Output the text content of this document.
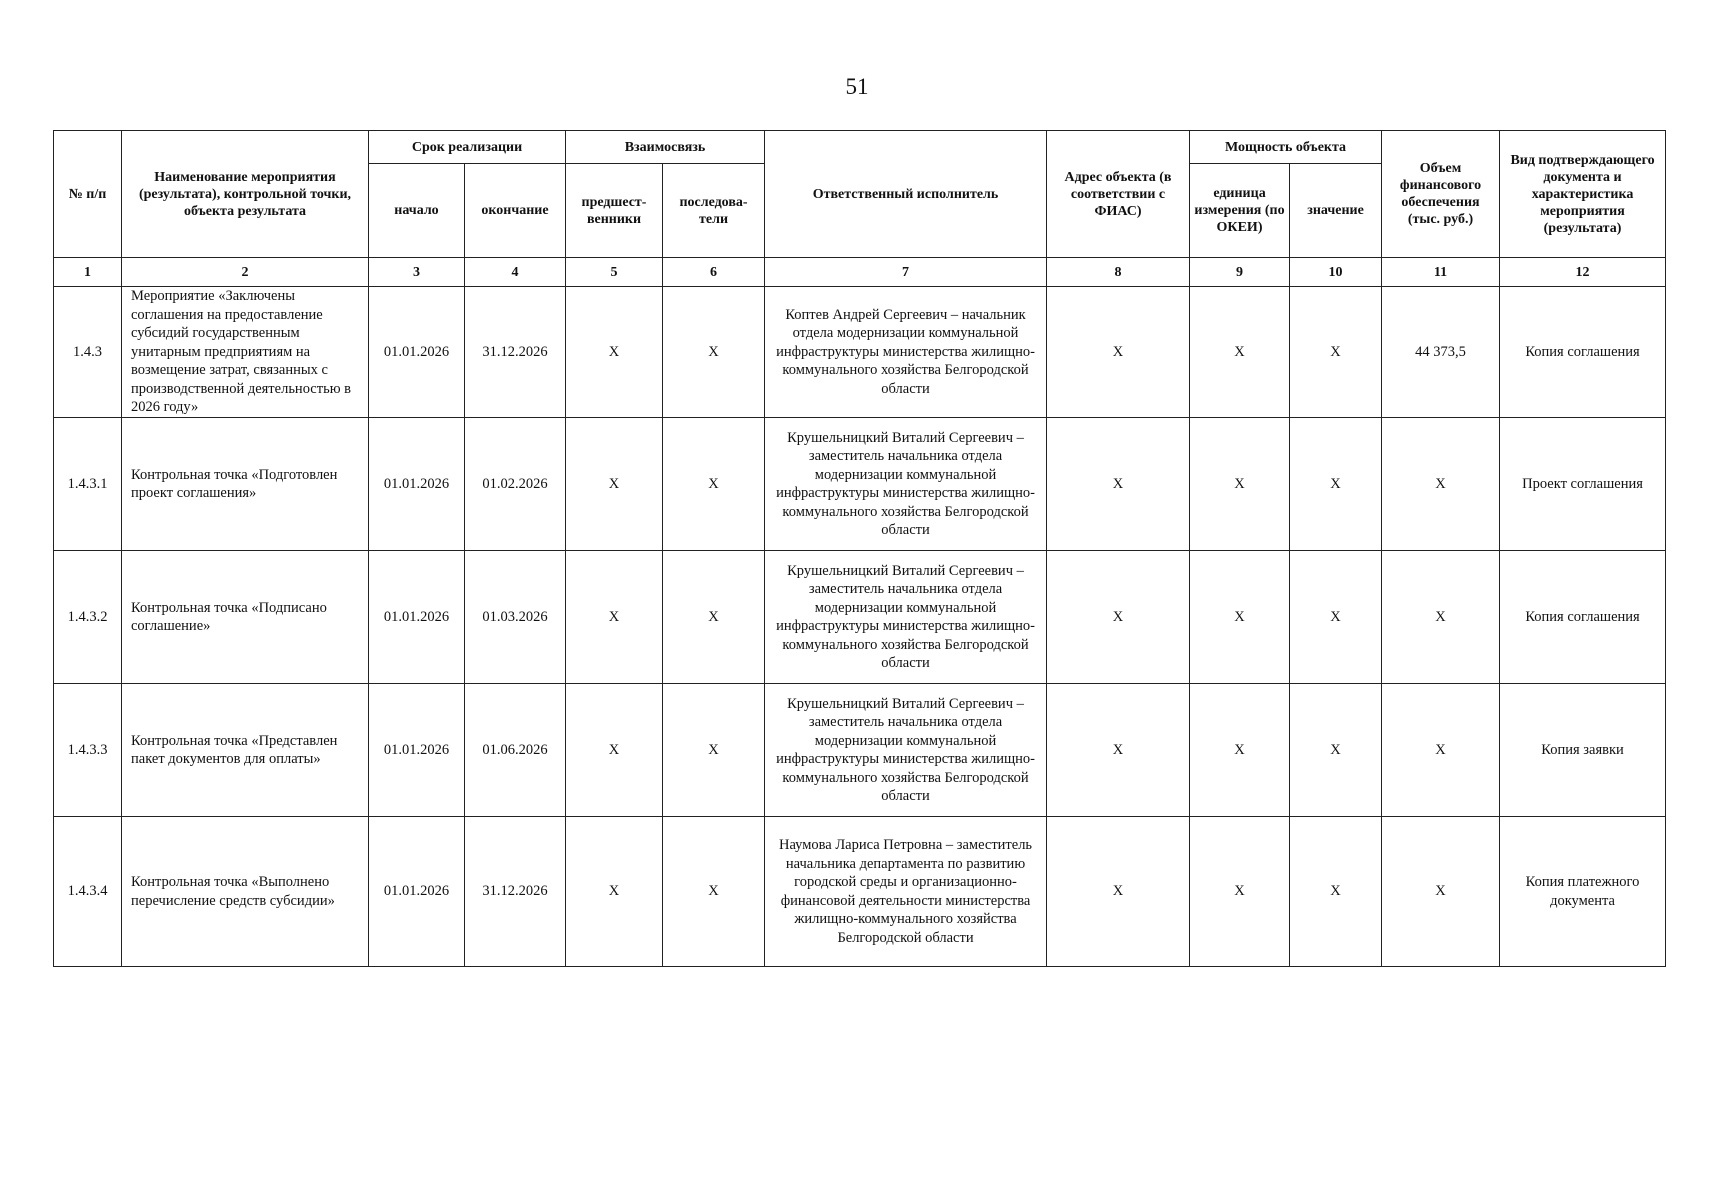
51
№ п/п	Наименование мероприятия (результата), контрольной точки, объекта результата	Срок реализации		Взаимосвязь		Ответственный исполнитель	Адрес объекта (в соответствии с ФИАС)	Мощность объекта		Объем финансового обеспечения (тыс. руб.)	Вид подтверждающего документа и характеристика мероприятия (результата)
		начало	окончание	предшест-венники	последова-тели			единица измерения (по ОКЕИ)	значение		
1	2	3	4	5	6	7	8	9	10	11	12
1.4.3	Мероприятие «Заключены соглашения на предоставление субсидий государственным унитарным предприятиям на возмещение затрат, связанных с производственной деятельностью в 2026 году»	01.01.2026	31.12.2026	Х	Х	Коптев Андрей Сергеевич – начальник отдела модернизации коммунальной инфраструктуры министерства жилищно-коммунального хозяйства Белгородской области	Х	Х	Х	44 373,5	Копия соглашения
1.4.3.1	Контрольная точка «Подготовлен проект соглашения»	01.01.2026	01.02.2026	Х	Х	Крушельницкий Виталий Сергеевич – заместитель начальника отдела модернизации коммунальной инфраструктуры министерства жилищно-коммунального хозяйства Белгородской области	Х	Х	Х	Х	Проект соглашения
1.4.3.2	Контрольная точка «Подписано соглашение»	01.01.2026	01.03.2026	Х	Х	Крушельницкий Виталий Сергеевич – заместитель начальника отдела модернизации коммунальной инфраструктуры министерства жилищно-коммунального хозяйства Белгородской области	Х	Х	Х	Х	Копия соглашения
1.4.3.3	Контрольная точка «Представлен пакет документов для оплаты»	01.01.2026	01.06.2026	Х	Х	Крушельницкий Виталий Сергеевич – заместитель начальника отдела модернизации коммунальной инфраструктуры министерства жилищно-коммунального хозяйства Белгородской области	Х	Х	Х	Х	Копия заявки
1.4.3.4	Контрольная точка «Выполнено перечисление средств субсидии»	01.01.2026	31.12.2026	Х	Х	Наумова Лариса Петровна – заместитель начальника департамента по развитию городской среды и организационно-финансовой деятельности министерства жилищно-коммунального хозяйства Белгородской области	Х	Х	Х	Х	Копия платежного документа
